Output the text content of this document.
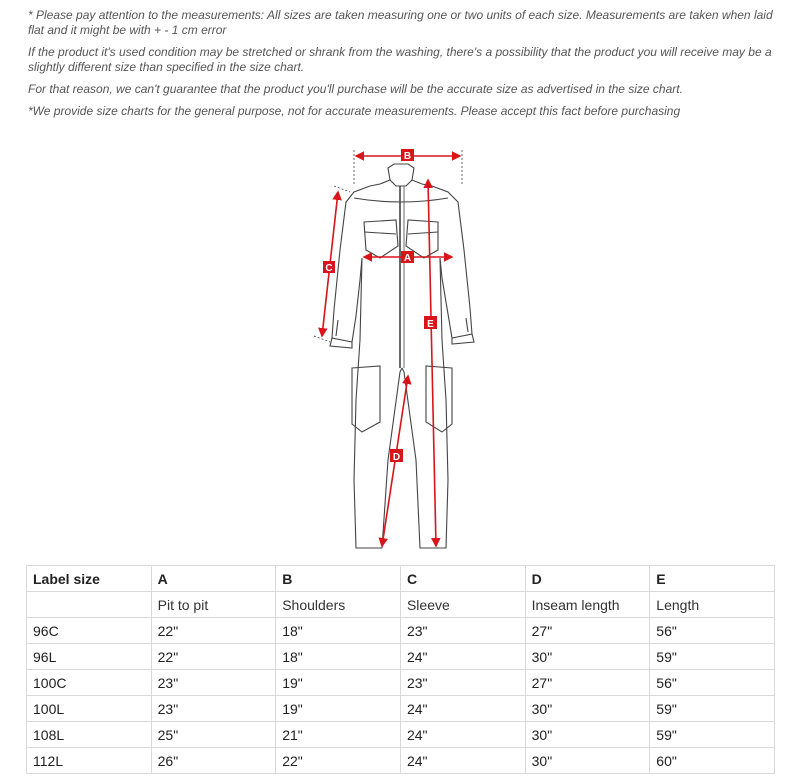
* Please pay attention to the measurements: All sizes are taken measuring one or two units of each size. Measurements are taken when laid flat and it might be with + - 1 cm error

If the product it's used condition may be stretched or shrank from the washing, there's a possibility that the product you will receive may be a slightly different size than specified in the size chart.

For that reason, we can't guarantee that the product you'll purchase will be the accurate size as advertised in the size chart.

*We provide size charts for the general purpose, not for accurate measurements. Please accept this fact before purchasing

B
A
C
E
D
Label size	A	B	C	D	E
	Pit to pit	Shoulders	Sleeve	Inseam length	Length
96C	22"	18"	23"	27"	56"
96L	22"	18"	24"	30"	59"
100C	23"	19"	23"	27"	56"
100L	23"	19"	24"	30"	59"
108L	25"	21"	24"	30"	59"
112L	26"	22"	24"	30"	60"
